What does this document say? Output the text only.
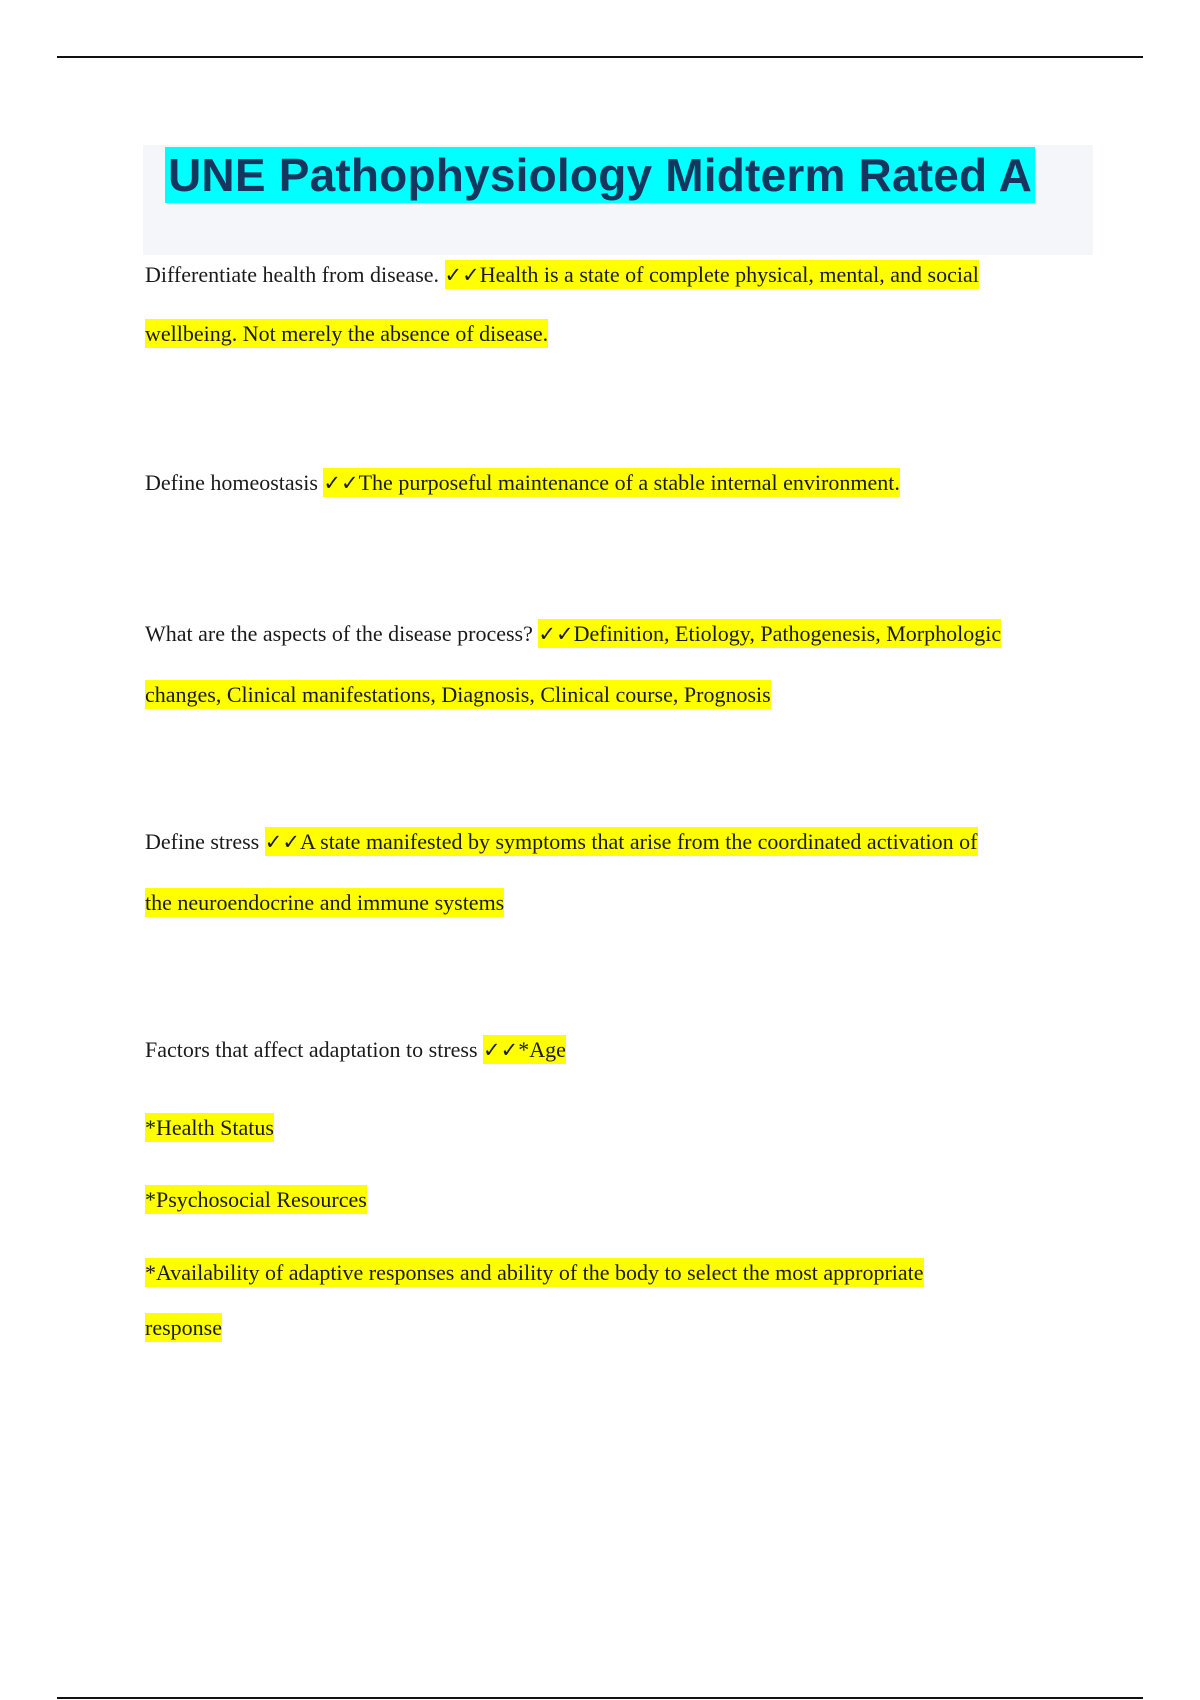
UNE Pathophysiology Midterm Rated A
Differentiate health from disease. ✓✓Health is a state of complete physical, mental, and social
wellbeing. Not merely the absence of disease.
Define homeostasis ✓✓The purposeful maintenance of a stable internal environment.
What are the aspects of the disease process? ✓✓Definition, Etiology, Pathogenesis, Morphologic
changes, Clinical manifestations, Diagnosis, Clinical course, Prognosis
Define stress ✓✓A state manifested by symptoms that arise from the coordinated activation of
the neuroendocrine and immune systems
Factors that affect adaptation to stress ✓✓*Age
*Health Status
*Psychosocial Resources
*Availability of adaptive responses and ability of the body to select the most appropriate
response
